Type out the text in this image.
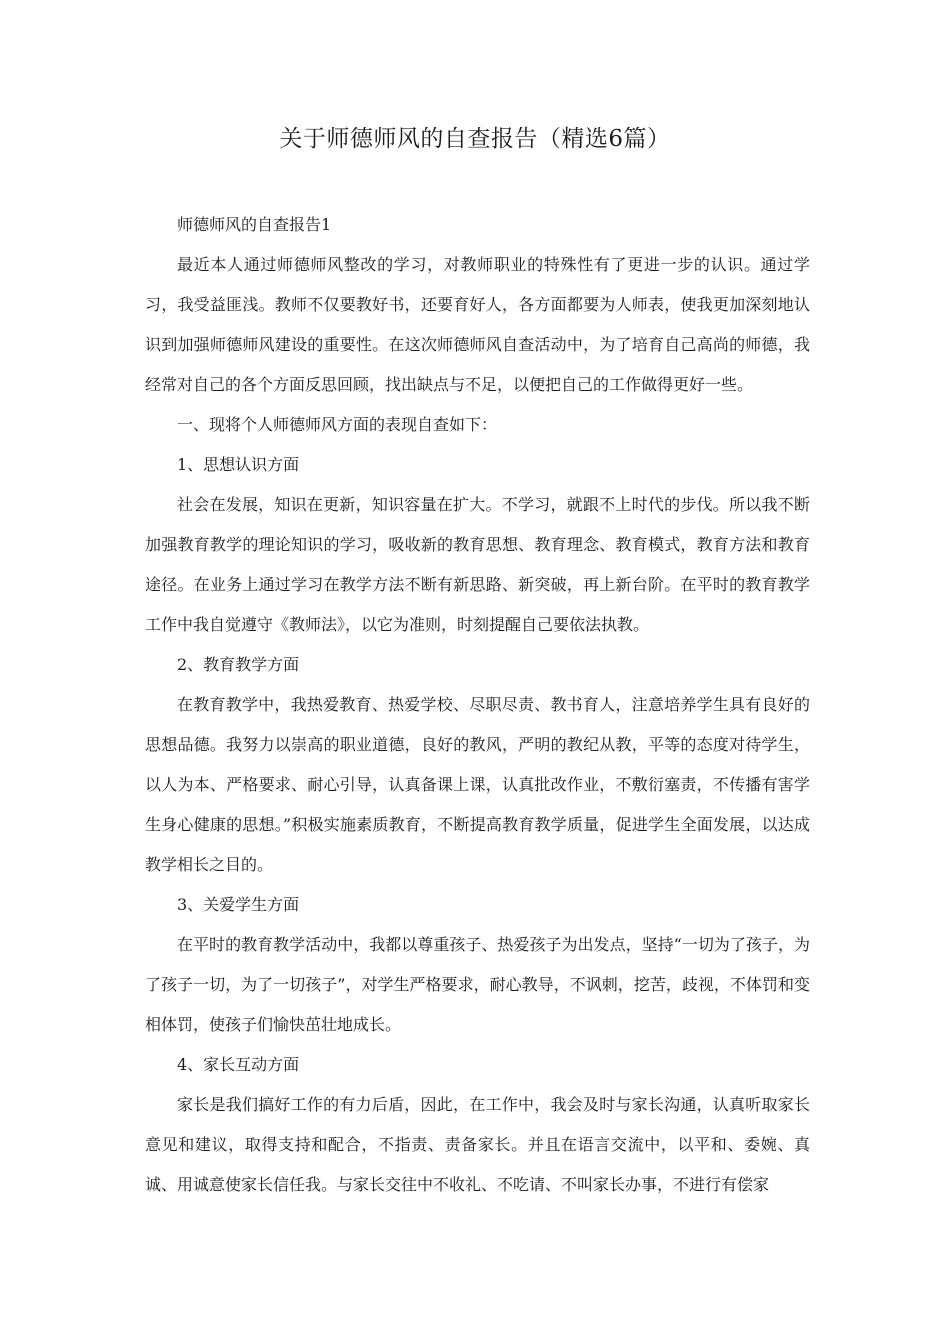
关于师德师风的自查报告（精选6篇）

师德师风的自查报告1

最近本人通过师德师风整改的学习，对教师职业的特殊性有了更进一步的认识。通过学习，我受益匪浅。教师不仅要教好书，还要育好人，各方面都要为人师表，使我更加深刻地认识到加强师德师风建设的重要性。在这次师德师风自查活动中，为了培育自己高尚的师德，我经常对自己的各个方面反思回顾，找出缺点与不足，以便把自己的工作做得更好一些。

一、现将个人师德师风方面的表现自查如下：

1、思想认识方面

社会在发展，知识在更新，知识容量在扩大。不学习，就跟不上时代的步伐。所以我不断加强教育教学的理论知识的学习，吸收新的教育思想、教育理念、教育模式，教育方法和教育途径。在业务上通过学习在教学方法不断有新思路、新突破，再上新台阶。在平时的教育教学工作中我自觉遵守《教师法》，以它为准则，时刻提醒自己要依法执教。

2、教育教学方面

在教育教学中，我热爱教育、热爱学校、尽职尽责、教书育人，注意培养学生具有良好的思想品德。我努力以崇高的职业道德，良好的教风，严明的教纪从教，平等的态度对待学生，以人为本、严格要求、耐心引导，认真备课上课，认真批改作业，不敷衍塞责，不传播有害学生身心健康的思想。”积极实施素质教育，不断提高教育教学质量，促进学生全面发展，以达成教学相长之目的。

3、关爱学生方面

在平时的教育教学活动中，我都以尊重孩子、热爱孩子为出发点，坚持“一切为了孩子，为了孩子一切，为了一切孩子”，对学生严格要求，耐心教导，不讽刺，挖苦，歧视，不体罚和变相体罚，使孩子们愉快茁壮地成长。

4、家长互动方面

家长是我们搞好工作的有力后盾，因此，在工作中，我会及时与家长沟通，认真听取家长意见和建议，取得支持和配合，不指责、责备家长。并且在语言交流中，以平和、委婉、真诚、用诚意使家长信任我。与家长交往中不收礼、不吃请、不叫家长办事，不进行有偿家
